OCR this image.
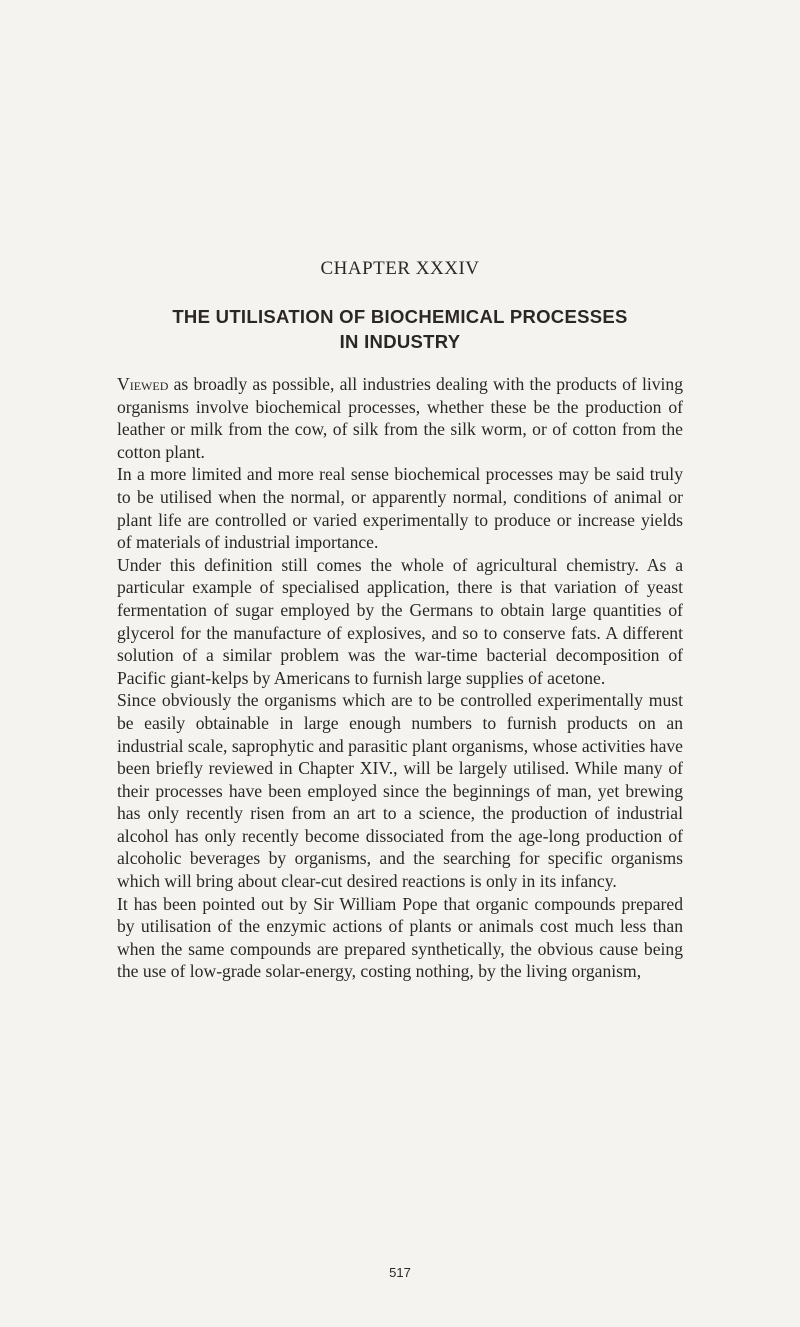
CHAPTER XXXIV
THE UTILISATION OF BIOCHEMICAL PROCESSES
IN INDUSTRY

Viewed as broadly as possible, all industries dealing with the products of living organisms involve biochemical processes, whether these be the production of leather or milk from the cow, of silk from the silk worm, or of cotton from the cotton plant.

In a more limited and more real sense biochemical processes may be said truly to be utilised when the normal, or apparently normal, conditions of animal or plant life are controlled or varied experimentally to produce or increase yields of materials of industrial importance.

Under this definition still comes the whole of agricultural chemistry. As a particular example of specialised application, there is that variation of yeast fermentation of sugar employed by the Germans to obtain large quantities of glycerol for the manufacture of explosives, and so to conserve fats. A different solution of a similar problem was the war-time bacterial decomposition of Pacific giant-kelps by Americans to furnish large supplies of acetone.

Since obviously the organisms which are to be controlled experimentally must be easily obtainable in large enough numbers to furnish products on an industrial scale, saprophytic and parasitic plant organisms, whose activities have been briefly reviewed in Chapter XIV., will be largely utilised. While many of their processes have been employed since the beginnings of man, yet brewing has only recently risen from an art to a science, the production of industrial alcohol has only recently become dissociated from the age-long production of alcoholic beverages by organisms, and the searching for specific organisms which will bring about clear-cut desired reactions is only in its infancy.

It has been pointed out by Sir William Pope that organic compounds prepared by utilisation of the enzymic actions of plants or animals cost much less than when the same compounds are prepared synthetically, the obvious cause being the use of low-grade solar-energy, costing nothing, by the living organism,

517
